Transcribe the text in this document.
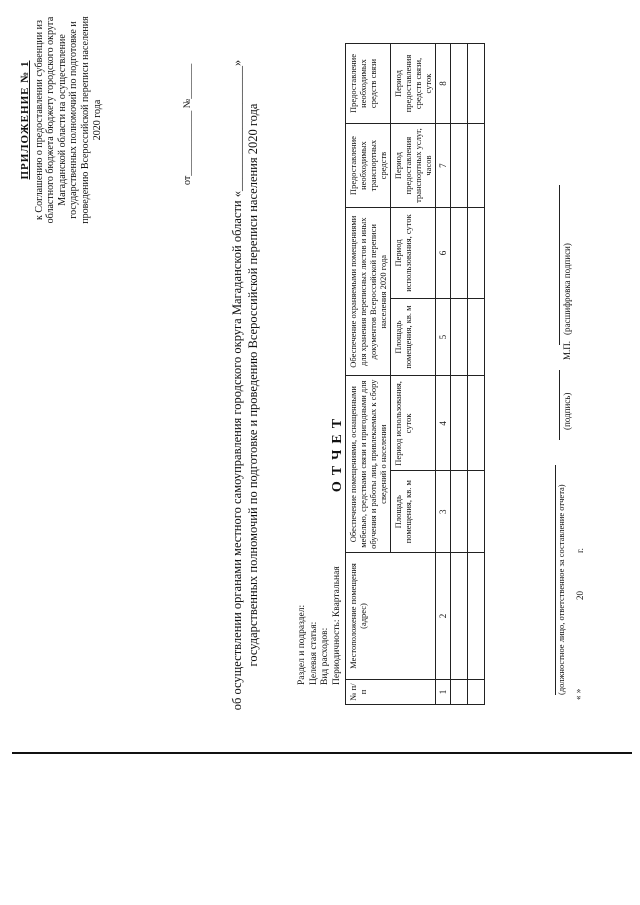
ПРИЛОЖЕНИЕ № 1 к Соглашению о предоставлении субвенции из областного бюджета бюджету городского округа Магаданской области на осуществление государственных полномочий по подготовке и проведению Всероссийской переписи населения 2020 года	от_____________ №_______
ОТЧЕТ
об осуществлении органами местного самоуправления городского округа Магаданской области «____________________» государственных полномочий по подготовке и проведению Всероссийской переписи населения 2020 года	Раздел и подраздел: Целевая статья: Вид расходов: Периодичность: Квартальная
№ п/п	Местоположение помещения (адрес)	Обеспечение помещениями, оснащенными мебелью, средствами связи и пригодными для обучения и работы лиц, привлекаемых к сбору сведений о населении		Обеспечение охраняемыми помещениями для хранения переписных листов и иных документов Всероссийской переписи населения 2020 года		Предоставление необходимых транспортных средств	Предоставление необходимых средств связи
		Площадь помещения, кв. м	Период использования, суток	Площадь помещения, кв. м	Период использования, суток	Период предоставления транспортных услуг, часов	Период предоставления средств связи, суток
1	2	3	4	5	6	7	8

(должностное лицо, ответственное за составление отчета) « »
20
г.
(подпись)
М.П.
(расшифровка подписи)
